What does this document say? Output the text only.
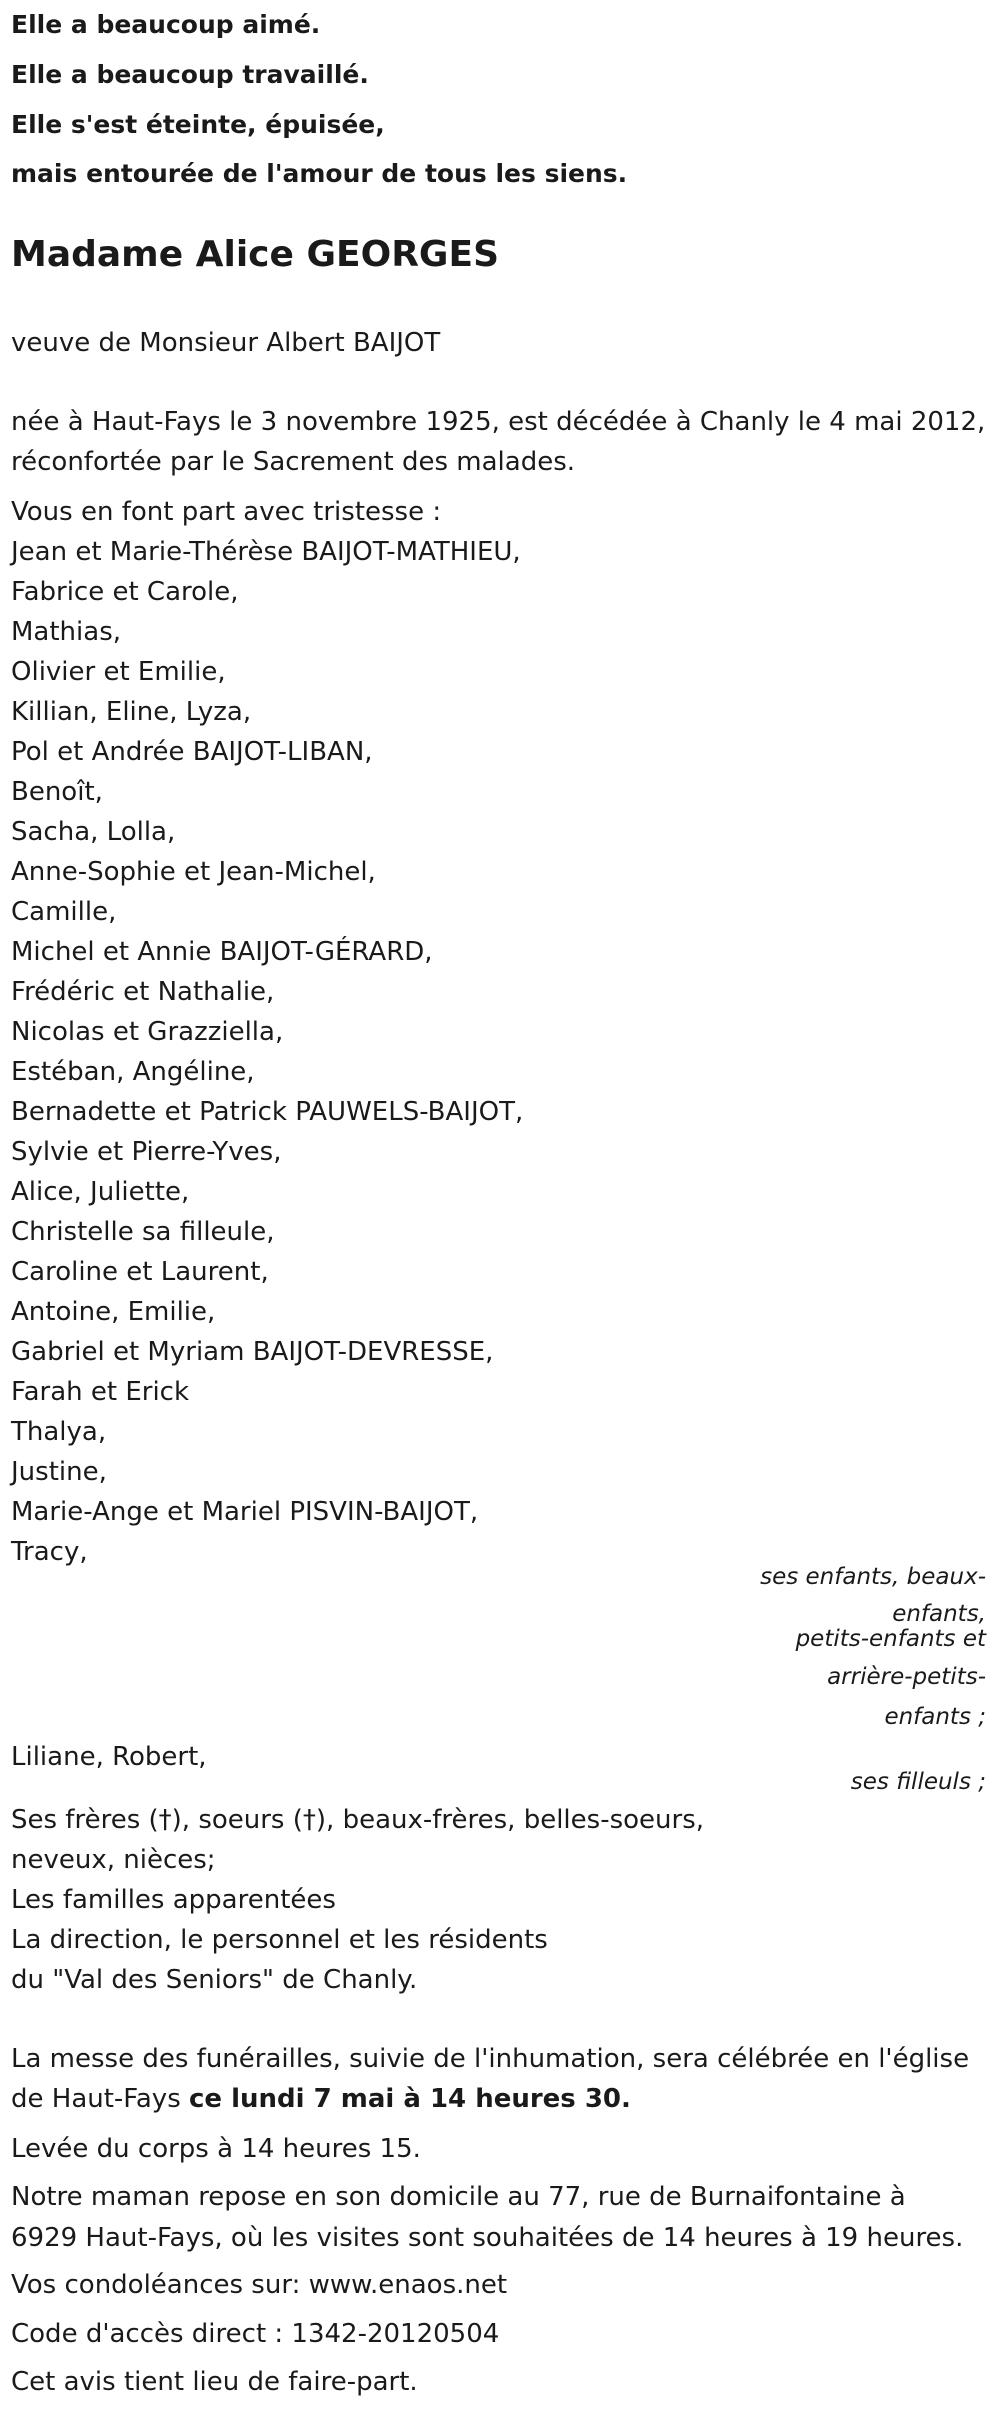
Elle a beaucoup aimé.
Elle a beaucoup travaillé.
Elle s'est éteinte, épuisée,
mais entourée de l'amour de tous les siens.
Madame Alice GEORGES
veuve de Monsieur Albert BAIJOT
née à Haut-Fays le 3 novembre 1925, est décédée à Chanly le 4 mai 2012,
réconfortée par le Sacrement des malades.
Vous en font part avec tristesse :
Jean et Marie-Thérèse BAIJOT-MATHIEU,
Fabrice et Carole,
Mathias,
Olivier et Emilie,
Killian, Eline, Lyza,
Pol et Andrée BAIJOT-LIBAN,
Benoît,
Sacha, Lolla,
Anne-Sophie et Jean-Michel,
Camille,
Michel et Annie BAIJOT-GÉRARD,
Frédéric et Nathalie,
Nicolas et Grazziella,
Estéban, Angéline,
Bernadette et Patrick PAUWELS-BAIJOT,
Sylvie et Pierre-Yves,
Alice, Juliette,
Christelle sa filleule,
Caroline et Laurent,
Antoine, Emilie,
Gabriel et Myriam BAIJOT-DEVRESSE,
Farah et Erick
Thalya,
Justine,
Marie-Ange et Mariel PISVIN-BAIJOT,
Tracy,
ses enfants, beaux-
enfants,
petits-enfants et
arrière-petits-
enfants ;
Liliane, Robert,
ses filleuls ;
Ses frères (†), soeurs (†), beaux-frères, belles-soeurs,
neveux, nièces;
Les familles apparentées
La direction, le personnel et les résidents
du "Val des Seniors" de Chanly.
La messe des funérailles, suivie de l'inhumation, sera célébrée en l'église
de Haut-Fays ce lundi 7 mai à 14 heures 30.
Levée du corps à 14 heures 15.
Notre maman repose en son domicile au 77, rue de Burnaifontaine à
6929 Haut-Fays, où les visites sont souhaitées de 14 heures à 19 heures.
Vos condoléances sur: www.enaos.net
Code d'accès direct : 1342-20120504
Cet avis tient lieu de faire-part.
